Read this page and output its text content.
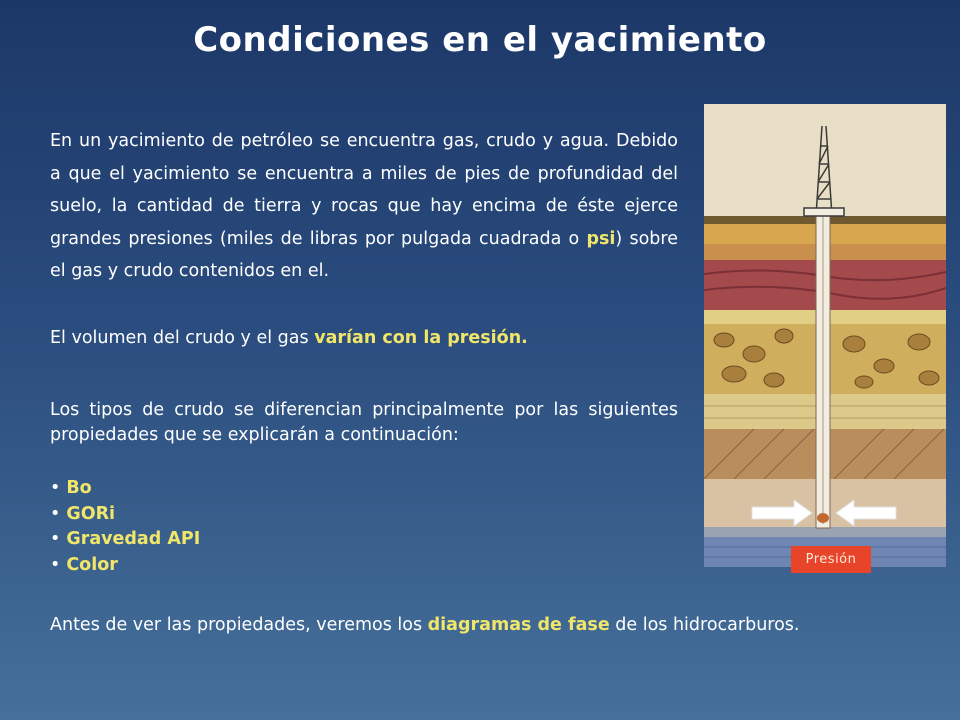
Condiciones en el yacimiento

En un yacimiento de petróleo se encuentra gas, crudo y agua. Debido a que el yacimiento se encuentra a miles de pies de profundidad del suelo, la cantidad de tierra y rocas que hay encima de éste ejerce grandes presiones (miles de libras por pulgada cuadrada o psi) sobre el gas y crudo contenidos en el.

El volumen del crudo y el gas varían con la presión.

Los tipos de crudo se diferencian principalmente por las siguientes propiedades que se explicarán a continuación:

• Bo
• GORi
• Gravedad API
• Color

Antes de ver las propiedades, veremos los diagramas de fase de los hidrocarburos.

Presión
